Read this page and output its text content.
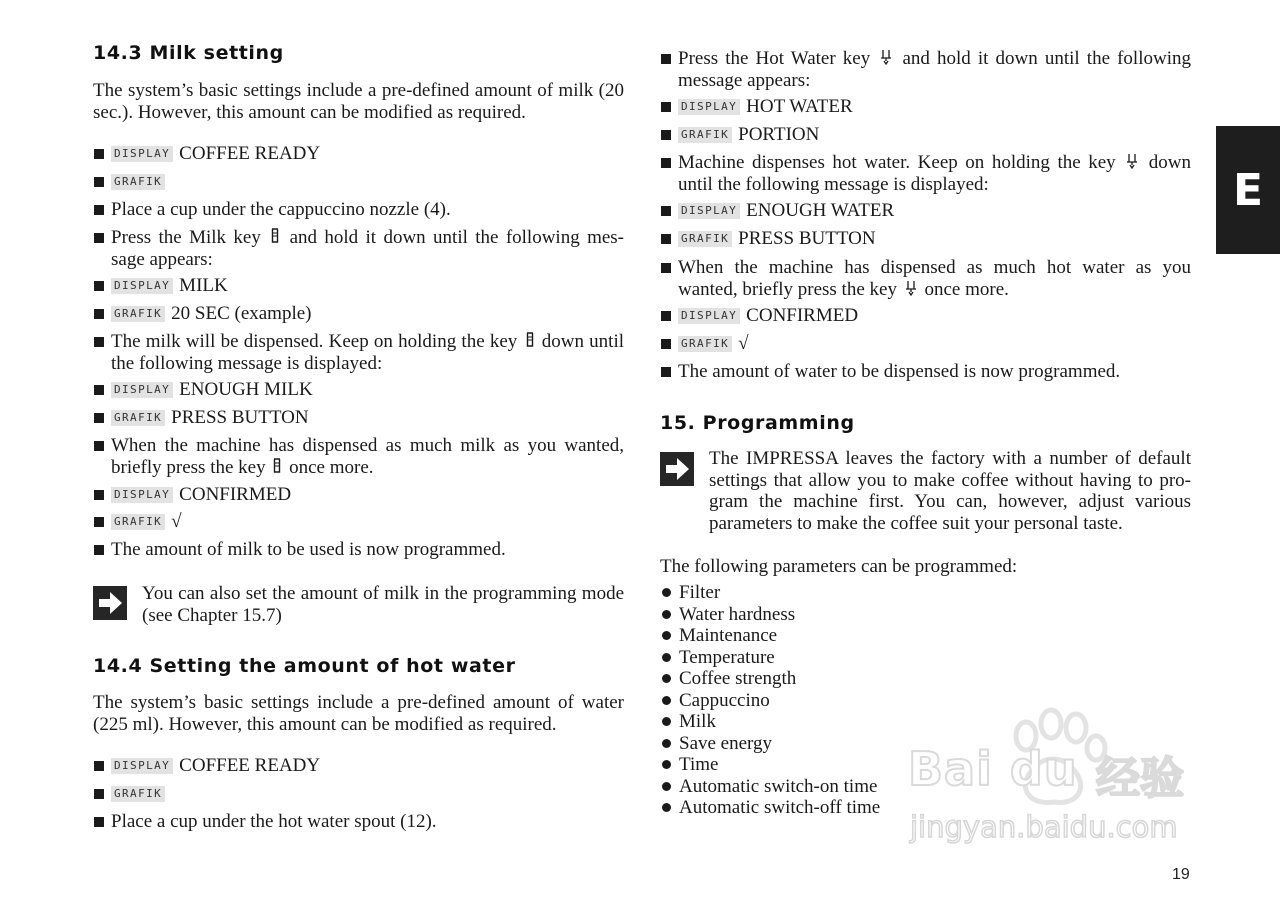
14.3 Milk setting
The system’s basic settings include a pre-defined amount of milk (20 sec.). However, this amount can be modified as required.
DISPLAY COFFEE READY
GRAFIK
Place a cup under the cappuccino nozzle (4).
Press the Milk key and hold it down until the following mes-sage appears:
DISPLAY MILK
GRAFIK 20 SEC (example)
The milk will be dispensed. Keep on holding the key down until the following message is displayed:
DISPLAY ENOUGH MILK
GRAFIK PRESS BUTTON
When the machine has dispensed as much milk as you wanted, briefly press the key once more.
DISPLAY CONFIRMED
GRAFIK √
The amount of milk to be used is now programmed.
You can also set the amount of milk in the programming mode (see Chapter 15.7)
14.4 Setting the amount of hot water
The system’s basic settings include a pre-defined amount of water (225 ml). However, this amount can be modified as required.
DISPLAY COFFEE READY
GRAFIK
Place a cup under the hot water spout (12).
Press the Hot Water key and hold it down until the following message appears:
DISPLAY HOT WATER
GRAFIK PORTION
Machine dispenses hot water. Keep on holding the key down until the following message is displayed:
DISPLAY ENOUGH WATER
GRAFIK PRESS BUTTON
When the machine has dispensed as much hot water as you wanted, briefly press the key once more.
DISPLAY CONFIRMED
GRAFIK √
The amount of water to be dispensed is now programmed.
15. Programming
The IMPRESSA leaves the factory with a number of default settings that allow you to make coffee without having to pro-gram the machine first. You can, however, adjust various parameters to make the coffee suit your personal taste.
The following parameters can be programmed:
Filter
Water hardness
Maintenance
Temperature
Coffee strength
Cappuccino
Milk
Save energy
Time
Automatic switch-on time
Automatic switch-off time
E
19
Bai du 经验
jingyan.baidu.com
